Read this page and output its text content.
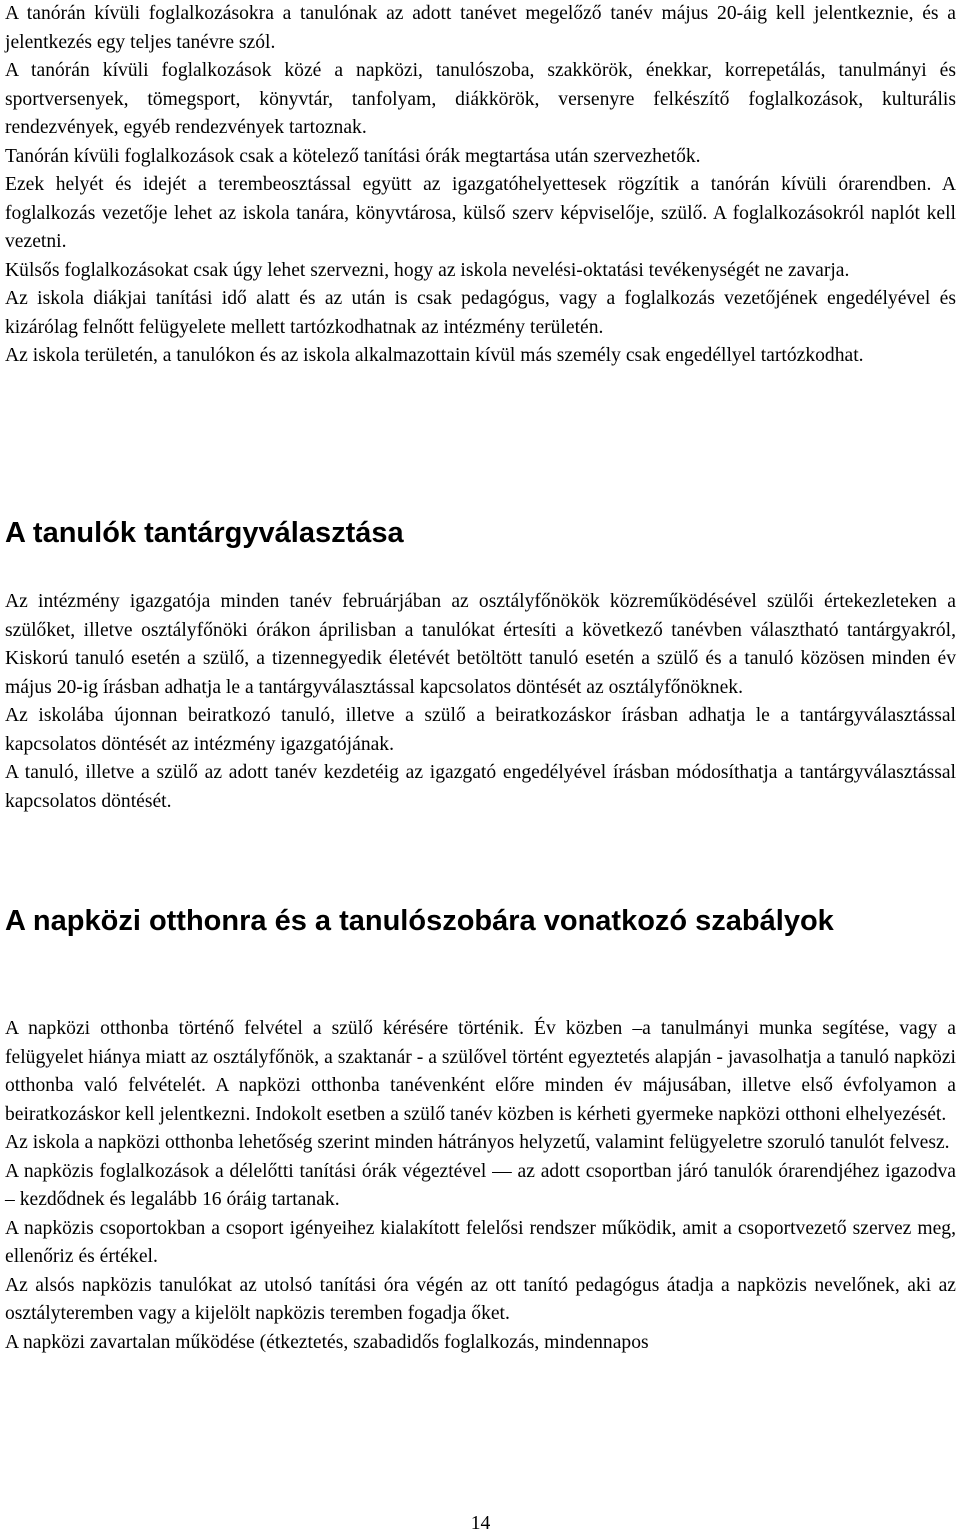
A tanórán kívüli foglalkozásokra a tanulónak az adott tanévet megelőző tanév május 20-áig kell jelentkeznie, és a jelentkezés egy teljes tanévre szól.

A tanórán kívüli foglalkozások közé a napközi, tanulószoba, szakkörök, énekkar, korrepetálás, tanulmányi és sportversenyek, tömegsport, könyvtár, tanfolyam, diákkörök, versenyre felkészítő foglalkozások, kulturális rendezvények, egyéb rendezvények tartoznak.

Tanórán kívüli foglalkozások csak a kötelező tanítási órák megtartása után szervezhetők.

Ezek helyét és idejét a terembeosztással együtt az igazgatóhelyettesek rögzítik a tanórán kívüli órarendben. A foglalkozás vezetője lehet az iskola tanára, könyvtárosa, külső szerv képviselője, szülő. A foglalkozásokról naplót kell vezetni.

Külsős foglalkozásokat csak úgy lehet szervezni, hogy az iskola nevelési-oktatási tevékenységét ne zavarja.

Az iskola diákjai tanítási idő alatt és az után is csak pedagógus, vagy a foglalkozás vezetőjének engedélyével és kizárólag felnőtt felügyelete mellett tartózkodhatnak az intézmény területén.

Az iskola területén, a tanulókon és az iskola alkalmazottain kívül más személy csak engedéllyel tartózkodhat.

A tanulók tantárgyválasztása

Az intézmény igazgatója minden tanév februárjában az osztályfőnökök közreműködésével szülői értekezleteken a szülőket, illetve osztályfőnöki órákon áprilisban a tanulókat értesíti a következő tanévben választható tantárgyakról, Kiskorú tanuló esetén a szülő, a tizennegyedik életévét betöltött tanuló esetén a szülő és a tanuló közösen minden év május 20-ig írásban adhatja le a tantárgyválasztással kapcsolatos döntését az osztályfőnöknek.

Az iskolába újonnan beiratkozó tanuló, illetve a szülő a beiratkozáskor írásban adhatja le a tantárgyválasztással kapcsolatos döntését az intézmény igazgatójának.

A tanuló, illetve a szülő az adott tanév kezdetéig az igazgató engedélyével írásban módosíthatja a tantárgyválasztással kapcsolatos döntését.

A napközi otthonra és a tanulószobára vonatkozó szabályok

A napközi otthonba történő felvétel a szülő kérésére történik. Év közben –a tanulmányi munka segítése, vagy a felügyelet hiánya miatt az osztályfőnök, a szaktanár - a szülővel történt egyeztetés alapján - javasolhatja a tanuló napközi otthonba való felvételét. A napközi otthonba tanévenként előre minden év májusában, illetve első évfolyamon a beiratkozáskor kell jelentkezni. Indokolt esetben a szülő tanév közben is kérheti gyermeke napközi otthoni elhelyezését.

Az iskola a napközi otthonba lehetőség szerint minden hátrányos helyzetű, valamint felügyeletre szoruló tanulót felvesz.

A napközis foglalkozások a délelőtti tanítási órák végeztével — az adott csoportban járó tanulók órarendjéhez igazodva – kezdődnek és legalább 16 óráig tartanak.

A napközis csoportokban a csoport igényeihez kialakított felelősi rendszer működik, amit a csoportvezető szervez meg, ellenőriz és értékel.

Az alsós napközis tanulókat az utolsó tanítási óra végén az ott tanító pedagógus átadja a napközis nevelőnek, aki az osztályteremben vagy a kijelölt napközis teremben fogadja őket.

A napközi zavartalan működése (étkeztetés, szabadidős foglalkozás, mindennapos

14
